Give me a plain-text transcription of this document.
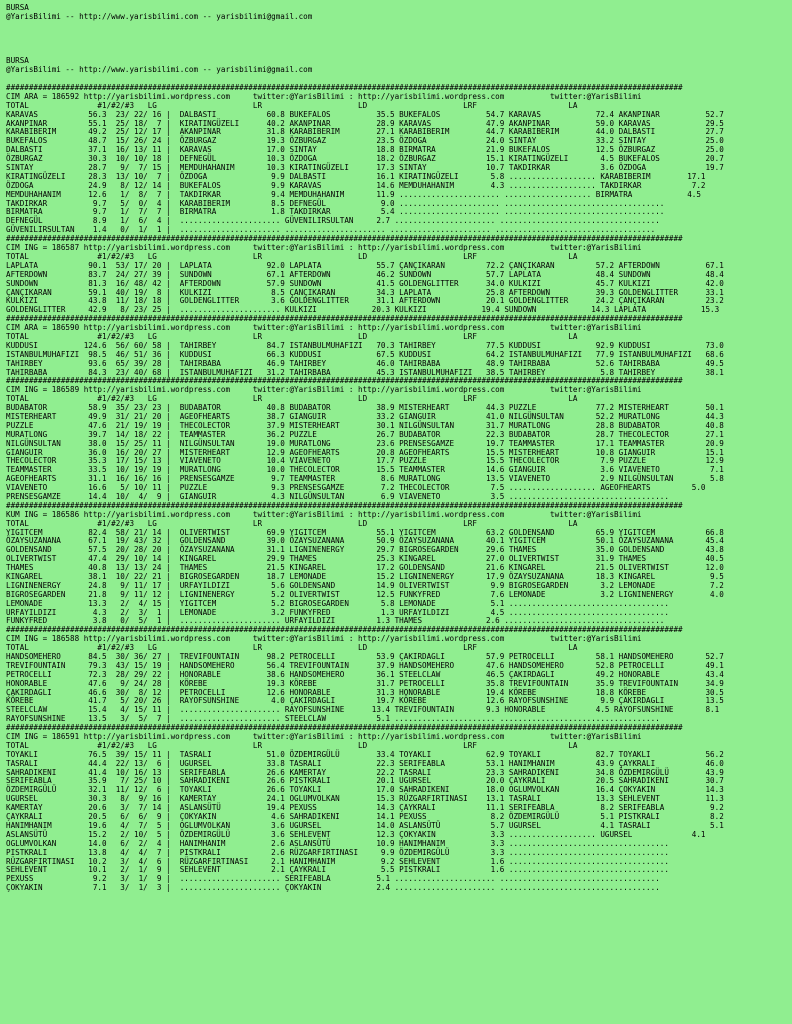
BURSA
@YarisBilimi -- http://www.yarisbilimi.com -- yarisbilimi@gmail.com
BURSA
@YarisBilimi -- http://www.yarisbilimi.com -- yarisbilimi@gmail.com
####################################################################################################################################################
CIM ARA = 186592 http://yarisbilimi.wordpress.com     twitter:@YarisBilimi : http://yarisbilimi.wordpress.com          twitter:@YarisBilimi
TOTAL               #1/#2/#3   LG                     LR                     LD                     LRF                    LA
KARAVAS           56.3  23/ 22/ 16 |  DALBASTI           60.8 BUKEFALOS          35.5 BUKEFALOS          54.7 KARAVAS            72.4 AKANPINAR          52.7
AKANPINAR         55.1  25/ 18/  7 |  KIRATINGÜZELI      40.2 AKANPINAR          28.9 KARAVAS            47.9 AKANPINAR          59.0 KARAVAS            29.5
KARABIBERIM       49.2  25/ 12/ 17 |  AKANPINAR          31.8 KARABIBERIM        27.1 KARABIBERIM        44.7 KARABIBERIM        44.0 DALBASTI           27.7
BUKEFALOS         48.7  15/ 26/ 24 |  ÖZBURGAZ           19.3 ÖZBURGAZ           23.5 ÖZDOGA             24.0 SINTAY             33.2 SINTAY             25.0
DALBASTI          37.1  16/ 13/ 11 |  KARAVAS            17.0 SINTAY             18.8 BIRMATRA           21.9 BUKEFALOS          12.5 ÖZBURGAZ           25.0
ÖZBURGAZ          30.3  10/ 10/ 18 |  DEFNEGÜL           10.3 ÖZDOGA             18.2 ÖZBURGAZ           15.1 KIRATINGÜZELI       4.5 BUKEFALOS          20.7
SINTAY            28.7   9/  7/ 15 |  MEMDUHAHANIM       10.3 KIRATINGÜZELI      17.3 SINTAY             10.7 TAKDIRKAR           3.6 ÖZDOGA             19.7
KIRATINGÜZELI     28.3  13/ 10/  7 |  ÖZDOGA              9.9 DALBASTI           16.1 KIRATINGÜZELI       5.8 ................... KARABIBERIM        17.1
ÖZDOGA            24.9   8/ 12/ 14 |  BUKEFALOS           9.9 KARAVAS            14.6 MEMDUHAHANIM        4.3 ................... TAKDIRKAR           7.2
MEMDUHAHANIM      12.6   1/  8/  7 |  TAKDIRKAR           9.4 MEMDUHAHANIM       11.9 ...................... ................... BIRMATRA            4.5
TAKDIRKAR          9.7   5/  0/  4 |  KARABIBERIM         8.5 DEFNEGÜL            9.0 ...................... ...................................
BIRMATRA           9.7   1/  7/  7 |  BIRMATRA            1.8 TAKDIRKAR           5.4 ...................... ...................................
DEFNEGÜL           8.9   1/  6/  4 |  ...................... GÜVENILIRSULTAN     2.7 ...................... ...................................
GÜVENILIRSULTAN    1.4   0/  1/  1 |  ...................... ...................... ...................... ...................................
####################################################################################################################################################
CIM ING = 186587 http://yarisbilimi.wordpress.com     twitter:@YarisBilimi : http://yarisbilimi.wordpress.com          twitter:@YarisBilimi
TOTAL               #1/#2/#3   LG                     LR                     LD                     LRF                    LA
LAPLATA           90.1  53/ 17/ 20 |  LAPLATA            92.0 LAPLATA            55.7 ÇANÇIKARAN         72.2 ÇANÇIKARAN         57.2 AFTERDOWN          67.1
AFTERDOWN         83.7  24/ 27/ 39 |  SUNDOWN            67.1 AFTERDOWN          46.2 SUNDOWN            57.7 LAPLATA            48.4 SUNDOWN            48.4
SUNDOWN           81.3  16/ 48/ 42 |  AFTERDOWN          57.9 SUNDOWN            41.5 GOLDENGLITTER      34.0 KULKIZI            45.7 KULKIZI            42.0
ÇANÇIKARAN        59.1  40/ 19/  8 |  KULKIZI             8.5 ÇANÇIKARAN         34.3 LAPLATA            25.8 AFTERDOWN          39.3 GOLDENGLITTER      33.1
KULKIZI           43.8  11/ 18/ 18 |  GOLDENGLITTER       3.6 GOLDENGLITTER      31.1 AFTERDOWN          20.1 GOLDENGLITTER      24.2 ÇANÇIKARAN         23.2
GOLDENGLITTER     42.9   8/ 23/ 25 |  ...................... KULKIZI            20.3 KULKIZI            19.4 SUNDOWN            14.3 LAPLATA            15.3
####################################################################################################################################################
CIM ARA = 186590 http://yarisbilimi.wordpress.com     twitter:@YarisBilimi : http://yarisbilimi.wordpress.com          twitter:@YarisBilimi
TOTAL               #1/#2/#3   LG                     LR                     LD                     LRF                    LA
KUDDUSI          124.6  56/ 60/ 58 |  TAHIRBEY           84.7 ISTANBULMUHAFIZI   70.3 TAHIRBEY           77.5 KUDDUSI            92.9 KUDDUSI            73.0
ISTANBULMUHAFIZI  98.5  46/ 51/ 36 |  KUDDUSI            66.3 KUDDUSI            67.5 KUDDUSI            64.2 ISTANBULMUHAFIZI   77.9 ISTANBULMUHAFIZI   68.6
TAHIRBEY          93.6  65/ 39/ 28 |  TAHIRBABA          46.9 TAHIRBEY           46.0 TAHIRBABA          48.9 TAHIRBABA          52.6 TAHIRBABA          49.5
TAHIRBABA         84.3  23/ 40/ 68 |  ISTANBULMUHAFIZI   31.2 TAHIRBABA          45.3 ISTANBULMUHAFIZI   38.5 TAHIRBEY            5.8 TAHIRBEY           38.1
####################################################################################################################################################
CIM ING = 186589 http://yarisbilimi.wordpress.com     twitter:@YarisBilimi : http://yarisbilimi.wordpress.com          twitter:@YarisBilimi
TOTAL               #1/#2/#3   LG                     LR                     LD                     LRF                    LA
BUDABATOR         58.9  35/ 23/ 23 |  BUDABATOR          40.8 BUDABATOR          38.9 MISTERHEART        44.3 PUZZLE             77.2 MISTERHEART        50.1
MISTERHEART       49.9  31/ 21/ 20 |  AGEOFHEARTS        38.7 GIANGUIR           33.2 GIANGUIR           41.0 NILGÜNSULTAN       52.2 MURATLONG          44.3
PUZZLE            47.6  21/ 19/ 19 |  THECOLECTOR        37.9 MISTERHEART        30.1 NILGÜNSULTAN       31.7 MURATLONG          28.8 BUDABATOR          40.8
MURATLONG         39.7  14/ 18/ 22 |  TEAMMASTER         36.2 PUZZLE             26.7 BUDABATOR          22.3 BUDABATOR          28.7 THECOLECTOR        27.1
NILGÜNSULTAN      38.0  15/ 25/ 11 |  NILGÜNSULTAN       19.0 MURATLONG          23.6 PRENSESGAMZE       19.7 TEAMMASTER         17.1 TEAMMASTER         20.9
GIANGUIR          36.0  16/ 20/ 27 |  MISTERHEART        12.9 AGEOFHEARTS        20.8 AGEOFHEARTS        15.5 MISTERHEART        10.8 GIANGUIR           15.1
THECOLECTOR       35.3  17/ 15/ 13 |  VIAVENETO          10.4 VIAVENETO          17.7 PUZZLE             15.5 THECOLECTOR         7.9 PUZZLE             12.9
TEAMMASTER        33.5  10/ 19/ 19 |  MURATLONG          10.0 THECOLECTOR        15.5 TEAMMASTER         14.6 GIANGUIR            3.6 VIAVENETO           7.1
AGEOFHEARTS       31.1  16/ 16/ 16 |  PRENSESGAMZE        9.7 TEAMMASTER          8.6 MURATLONG          13.5 VIAVENETO           2.9 NILGÜNSULTAN        5.8
VIAVENETO         16.6   5/ 10/ 11 |  PUZZLE              9.3 PRENSESGAMZE        7.2 THECOLECTOR         7.5 ................... AGEOFHEARTS         5.0
PRENSESGAMZE      14.4  10/  4/  9 |  GIANGUIR            4.3 NILGÜNSULTAN        6.9 VIAVENETO           3.5 ...................................
####################################################################################################################################################
KUM ING = 186586 http://yarisbilimi.wordpress.com     twitter:@YarisBilimi : http://yarisbilimi.wordpress.com          twitter:@YarisBilimi
TOTAL               #1/#2/#3   LG                     LR                     LD                     LRF                    LA
YIGITCEM          82.4  58/ 21/ 14 |  OLIVERTWIST        69.9 YIGITCEM           55.1 YIGITCEM           63.2 GOLDENSAND         65.9 YIGITCEM           66.8
ÖZAYSUZANANA      67.1  19/ 43/ 32 |  GOLDENSAND         39.0 ÖZAYSUZANANA       50.9 ÖZAYSUZANANA       40.1 YIGITCEM           50.1 ÖZAYSUZANANA       45.4
GOLDENSAND        57.5  20/ 28/ 20 |  ÖZAYSUZANANA       31.1 LIGNINENERGY       29.7 BIGROSEGARDEN      29.6 THAMES             35.0 GOLDENSAND         43.8
OLIVERTWIST       47.4  29/ 10/ 14 |  KINGAREL           29.9 THAMES             25.3 KINGAREL           27.0 OLIVERTWIST        31.9 THAMES             40.5
THAMES            40.8  13/ 13/ 24 |  THAMES             21.5 KINGAREL           17.2 GOLDENSAND         21.6 KINGAREL           21.5 OLIVERTWIST        12.0
KINGAREL          38.1  10/ 22/ 21 |  BIGROSEGARDEN      18.7 LEMONADE           15.2 LIGNINENERGY       17.9 ÖZAYSUZANANA       18.3 KINGAREL            9.5
LIGNINENERGY      24.8   9/ 11/ 17 |  URFAYILDIZI         5.6 GOLDENSAND         14.9 OLIVERTWIST         9.9 BIGROSEGARDEN       3.2 LEMONADE            7.2
BIGROSEGARDEN     21.8   9/ 11/ 12 |  LIGNINENERGY        5.2 OLIVERTWIST        12.5 FUNKYFRED           7.6 LEMONADE            3.2 LIGNINENERGY        4.0
LEMONADE          13.3   2/  4/ 15 |  YIGITCEM            5.2 BIGROSEGARDEN       5.8 LEMONADE            5.1 ...................................
URFAYILDIZI        4.3   2/  3/  1 |  LEMONADE            3.2 FUNKYFRED           1.3 URFAYILDIZI         4.5 ...................................
FUNKYFRED          3.8   0/  5/  1 |  ...................... URFAYILDIZI         1.3 THAMES              2.6 ...................................
####################################################################################################################################################
CIM ING = 186588 http://yarisbilimi.wordpress.com     twitter:@YarisBilimi : http://yarisbilimi.wordpress.com          twitter:@YarisBilimi
TOTAL               #1/#2/#3   LG                     LR                     LD                     LRF                    LA
HANDSOMEHERO      84.5  30/ 36/ 27 |  TREVIFOUNTAIN      98.2 PETROCELLI         53.9 ÇAKIRDAGLI         57.9 PETROCELLI         58.1 HANDSOMEHERO       52.7
TREVIFOUNTAIN     79.3  43/ 15/ 19 |  HANDSOMEHERO       56.4 TREVIFOUNTAIN      37.9 HANDSOMEHERO       47.6 HANDSOMEHERO       52.8 PETROCELLI         49.1
PETROCELLI        72.3  28/ 29/ 22 |  HONORABLE          38.6 HANDSOMEHERO       36.1 STEELCLAW          46.5 ÇAKIRDAGLI         49.2 HONORABLE          43.4
HONORABLE         47.6   9/ 24/ 28 |  KÖREBE             19.3 KÖREBE             31.7 PETROCELLI         35.8 TREVIFOUNTAIN      35.9 TREVIFOUNTAIN      34.9
ÇAKIRDAGLI        46.6  30/  8/ 12 |  PETROCELLI         12.6 HONORABLE          31.3 HONORABLE          19.4 KÖREBE             18.8 KÖREBE             30.5
KÖREBE            41.7   5/ 20/ 26 |  RAYOFSUNSHINE       4.0 ÇAKIRDAGLI         19.7 KÖREBE             12.6 RAYOFSUNSHINE       9.9 ÇAKIRDAGLI         13.5
STEELCLAW         15.4   4/ 15/ 11 |  ...................... RAYOFSUNSHINE      13.4 TREVIFOUNTAIN       9.3 HONORABLE           4.5 RAYOFSUNSHINE       8.1
RAYOFSUNSHINE     13.5   3/  5/  7 |  ...................... STEELCLAW           5.1 ...................... ...................................
####################################################################################################################################################
CIM ING = 186591 http://yarisbilimi.wordpress.com     twitter:@YarisBilimi : http://yarisbilimi.wordpress.com          twitter:@YarisBilimi
TOTAL               #1/#2/#3   LG                     LR                     LD                     LRF                    LA
TOYAKLI           76.5  39/ 15/ 11 |  TASRALI            51.0 ÖZDEMIRGÜLÜ        33.4 TOYAKLI            62.9 TOYAKLI            82.7 TOYAKLI            56.2
TASRALI           44.4  22/ 13/  6 |  UGURSEL            33.8 TASRALI            22.3 SERIFEABLA         53.1 HANIMHANIM         43.9 ÇAYKRALI           46.0
SAHRADIKENI       41.4  10/ 16/ 13 |  SERIFEABLA         26.6 KAMERTAY           22.2 TASRALI            23.3 SAHRADIKENI        34.8 ÖZDEMIRGÜLÜ        43.9
SERIFEABLA        35.9   7/ 25/ 10 |  SAHRADIKENI        26.6 PISTKRALI          20.1 UGURSEL            20.0 ÇAYKRALI           20.5 SAHRADIKENI        30.7
ÖZDEMIRGÜLÜ       32.1  11/ 12/  6 |  TOYAKLI            26.6 TOYAKLI            17.0 SAHRADIKENI        18.0 OGLUMVOLKAN        16.4 ÇOKYAKIN           14.3
UGURSEL           30.3   8/  9/ 16 |  KAMERTAY           24.1 OGLUMVOLKAN        15.3 RÜZGARFIRTINASI    13.1 TASRALI            13.3 SEHLEVENT          11.3
KAMERTAY          20.6   3/  7/ 14 |  ASLANSÜTÜ          19.4 PEXUSS             14.3 ÇAYKRALI           11.1 SERIFEABLA          8.2 SERIFEABLA          9.2
ÇAYKRALI          20.5   6/  6/  9 |  ÇOKYAKIN            4.6 SAHRADIKENI        14.1 PEXUSS              8.2 ÖZDEMIRGÜLÜ         5.1 PISTKRALI           8.2
HANIMHANIM        19.6   4/  7/  5 |  OGLUMVOLKAN         3.6 UGURSEL            14.0 ASLANSÜTÜ           5.7 UGURSEL             4.1 TASRALI             5.1
ASLANSÜTÜ         15.2   2/ 10/  5 |  ÖZDEMIRGÜLÜ         3.6 SEHLEVENT          12.3 ÇOKYAKIN            3.3 ................... UGURSEL             4.1
OGLUMVOLKAN       14.0   6/  2/  4 |  HANIMHANIM          2.6 ASLANSÜTÜ          10.9 HANIMHANIM          3.3 ...................................
PISTKRALI         13.8   4/  4/  7 |  PISTKRALI           2.6 RÜZGARFIRTINASI     9.9 ÖZDEMIRGÜLÜ         3.3 ...................................
RÜZGARFIRTINASI   10.2   3/  4/  6 |  RÜZGARFIRTINASI     2.1 HANIMHANIM          9.2 SEHLEVENT           1.6 ...................................
SEHLEVENT         10.1   2/  1/  9 |  SEHLEVENT           2.1 ÇAYKRALI            5.5 PISTKRALI           1.6 ...................................
PEXUSS             9.2   3/  1/  9 |  ...................... SERIFEABLA          5.1 ...................... ...................................
ÇOKYAKIN           7.1   3/  1/  3 |  ...................... ÇOKYAKIN            2.4 ...................... ...................................
